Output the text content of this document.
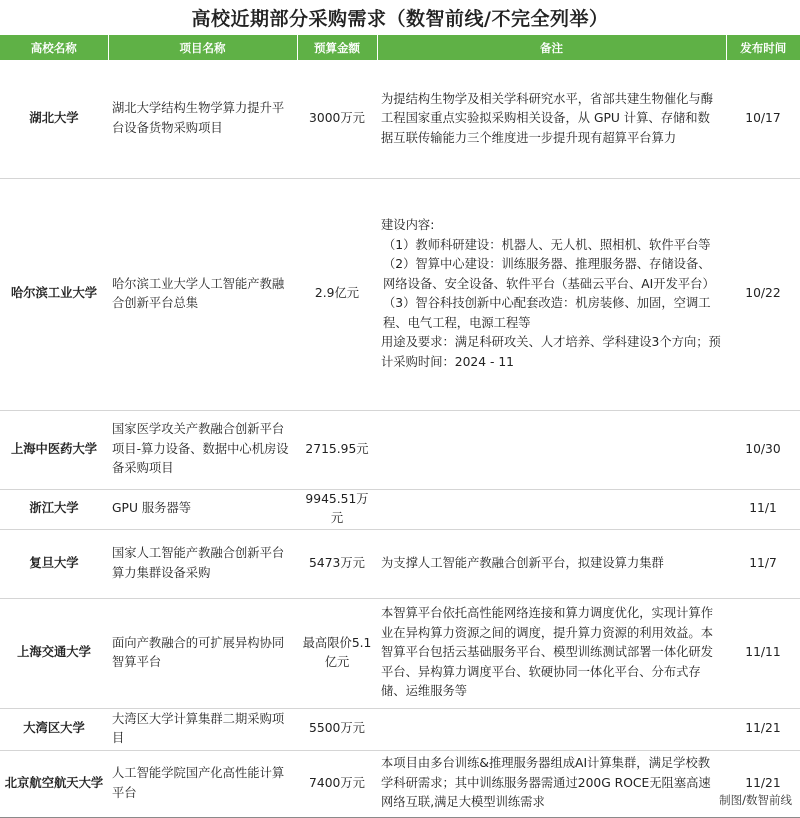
高校近期部分采购需求（数智前线/不完全列举）
高校名称	项目名称	预算金额	备注	发布时间
湖北大学	湖北大学结构生物学算力提升平台设备货物采购项目	3000万元	为提结构生物学及相关学科研究水平，省部共建生物催化与酶工程国家重点实验拟采购相关设备，从 GPU 计算、存储和数据互联传输能力三个维度进一步提升现有超算平台算力	10/17
哈尔滨工业大学	哈尔滨工业大学人工智能产教融合创新平台总集	2.9亿元	建设内容:
（1）教师科研建设：机器人、无人机、照相机、软件平台等
（2）智算中心建设：训练服务器、推理服务器、存储设备、网络设备、安全设备、软件平台（基础云平台、AI开发平台）
（3）智谷科技创新中心配套改造：机房装修、加固，空调工程、电气工程，电源工程等
用途及要求：满足科研攻关、人才培养、学科建设3个方向；预计采购时间：2024 - 11	10/22
上海中医药大学	国家医学攻关产教融合创新平台项目-算力设备、数据中心机房设备采购项目	2715.95元		10/30
浙江大学	GPU 服务器等	9945.51万元		11/1
复旦大学	国家人工智能产教融合创新平台算力集群设备采购	5473万元	为支撑人工智能产教融合创新平台，拟建设算力集群	11/7
上海交通大学	面向产教融合的可扩展异构协同智算平台	最高限价5.1亿元	本智算平台依托高性能网络连接和算力调度优化，实现计算作业在异构算力资源之间的调度，提升算力资源的利用效益。本智算平台包括云基础服务平台、模型训练测试部署一体化研发平台、异构算力调度平台、软硬协同一体化平台、分布式存储、运维服务等	11/11
大湾区大学	大湾区大学计算集群二期采购项目	5500万元		11/21
北京航空航天大学	人工智能学院国产化高性能计算平台	7400万元	本项目由多台训练&推理服务器组成AI计算集群，满足学校教学科研需求；其中训练服务器需通过200G ROCE无阻塞高速网络互联,满足大模型训练需求	11/21
制图/数智前线
